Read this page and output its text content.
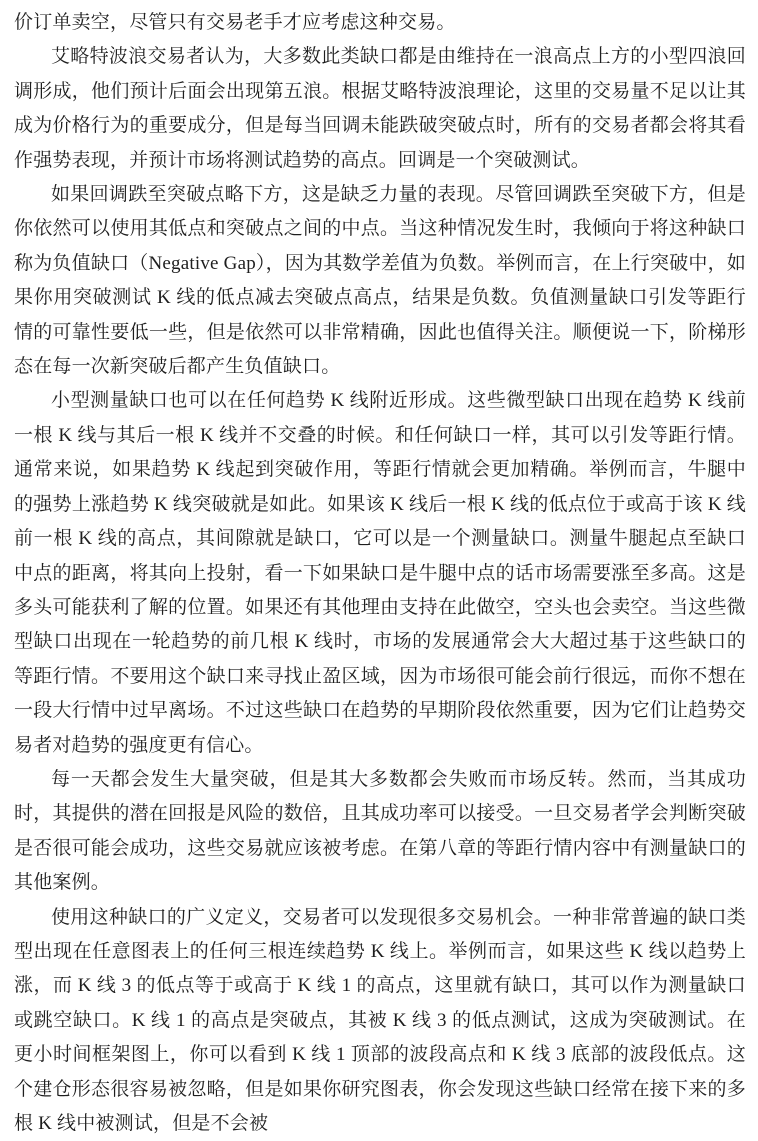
价订单卖空，尽管只有交易老手才应考虑这种交易。

艾略特波浪交易者认为，大多数此类缺口都是由维持在一浪高点上方的小型四浪回调形成，他们预计后面会出现第五浪。根据艾略特波浪理论，这里的交易量不足以让其成为价格行为的重要成分，但是每当回调未能跌破突破点时，所有的交易者都会将其看作强势表现，并预计市场将测试趋势的高点。回调是一个突破测试。

如果回调跌至突破点略下方，这是缺乏力量的表现。尽管回调跌至突破下方，但是你依然可以使用其低点和突破点之间的中点。当这种情况发生时，我倾向于将这种缺口称为负值缺口（Negative Gap），因为其数学差值为负数。举例而言，在上行突破中，如果你用突破测试 K 线的低点减去突破点高点，结果是负数。负值测量缺口引发等距行情的可靠性要低一些，但是依然可以非常精确，因此也值得关注。顺便说一下，阶梯形态在每一次新突破后都产生负值缺口。

小型测量缺口也可以在任何趋势 K 线附近形成。这些微型缺口出现在趋势 K 线前一根 K 线与其后一根 K 线并不交叠的时候。和任何缺口一样，其可以引发等距行情。通常来说，如果趋势 K 线起到突破作用，等距行情就会更加精确。举例而言，牛腿中的强势上涨趋势 K 线突破就是如此。如果该 K 线后一根 K 线的低点位于或高于该 K 线前一根 K 线的高点，其间隙就是缺口，它可以是一个测量缺口。测量牛腿起点至缺口中点的距离，将其向上投射，看一下如果缺口是牛腿中点的话市场需要涨至多高。这是多头可能获利了解的位置。如果还有其他理由支持在此做空，空头也会卖空。当这些微型缺口出现在一轮趋势的前几根 K 线时，市场的发展通常会大大超过基于这些缺口的等距行情。不要用这个缺口来寻找止盈区域，因为市场很可能会前行很远，而你不想在一段大行情中过早离场。不过这些缺口在趋势的早期阶段依然重要，因为它们让趋势交易者对趋势的强度更有信心。

每一天都会发生大量突破，但是其大多数都会失败而市场反转。然而，当其成功时，其提供的潜在回报是风险的数倍，且其成功率可以接受。一旦交易者学会判断突破是否很可能会成功，这些交易就应该被考虑。在第八章的等距行情内容中有测量缺口的其他案例。

使用这种缺口的广义定义，交易者可以发现很多交易机会。一种非常普遍的缺口类型出现在任意图表上的任何三根连续趋势 K 线上。举例而言，如果这些 K 线以趋势上涨，而 K 线 3 的低点等于或高于 K 线 1 的高点，这里就有缺口，其可以作为测量缺口或跳空缺口。K 线 1 的高点是突破点，其被 K 线 3 的低点测试，这成为突破测试。在更小时间框架图上，你可以看到 K 线 1 顶部的波段高点和 K 线 3 底部的波段低点。这个建仓形态很容易被忽略，但是如果你研究图表，你会发现这些缺口经常在接下来的多根 K 线中被测试，但是不会被
